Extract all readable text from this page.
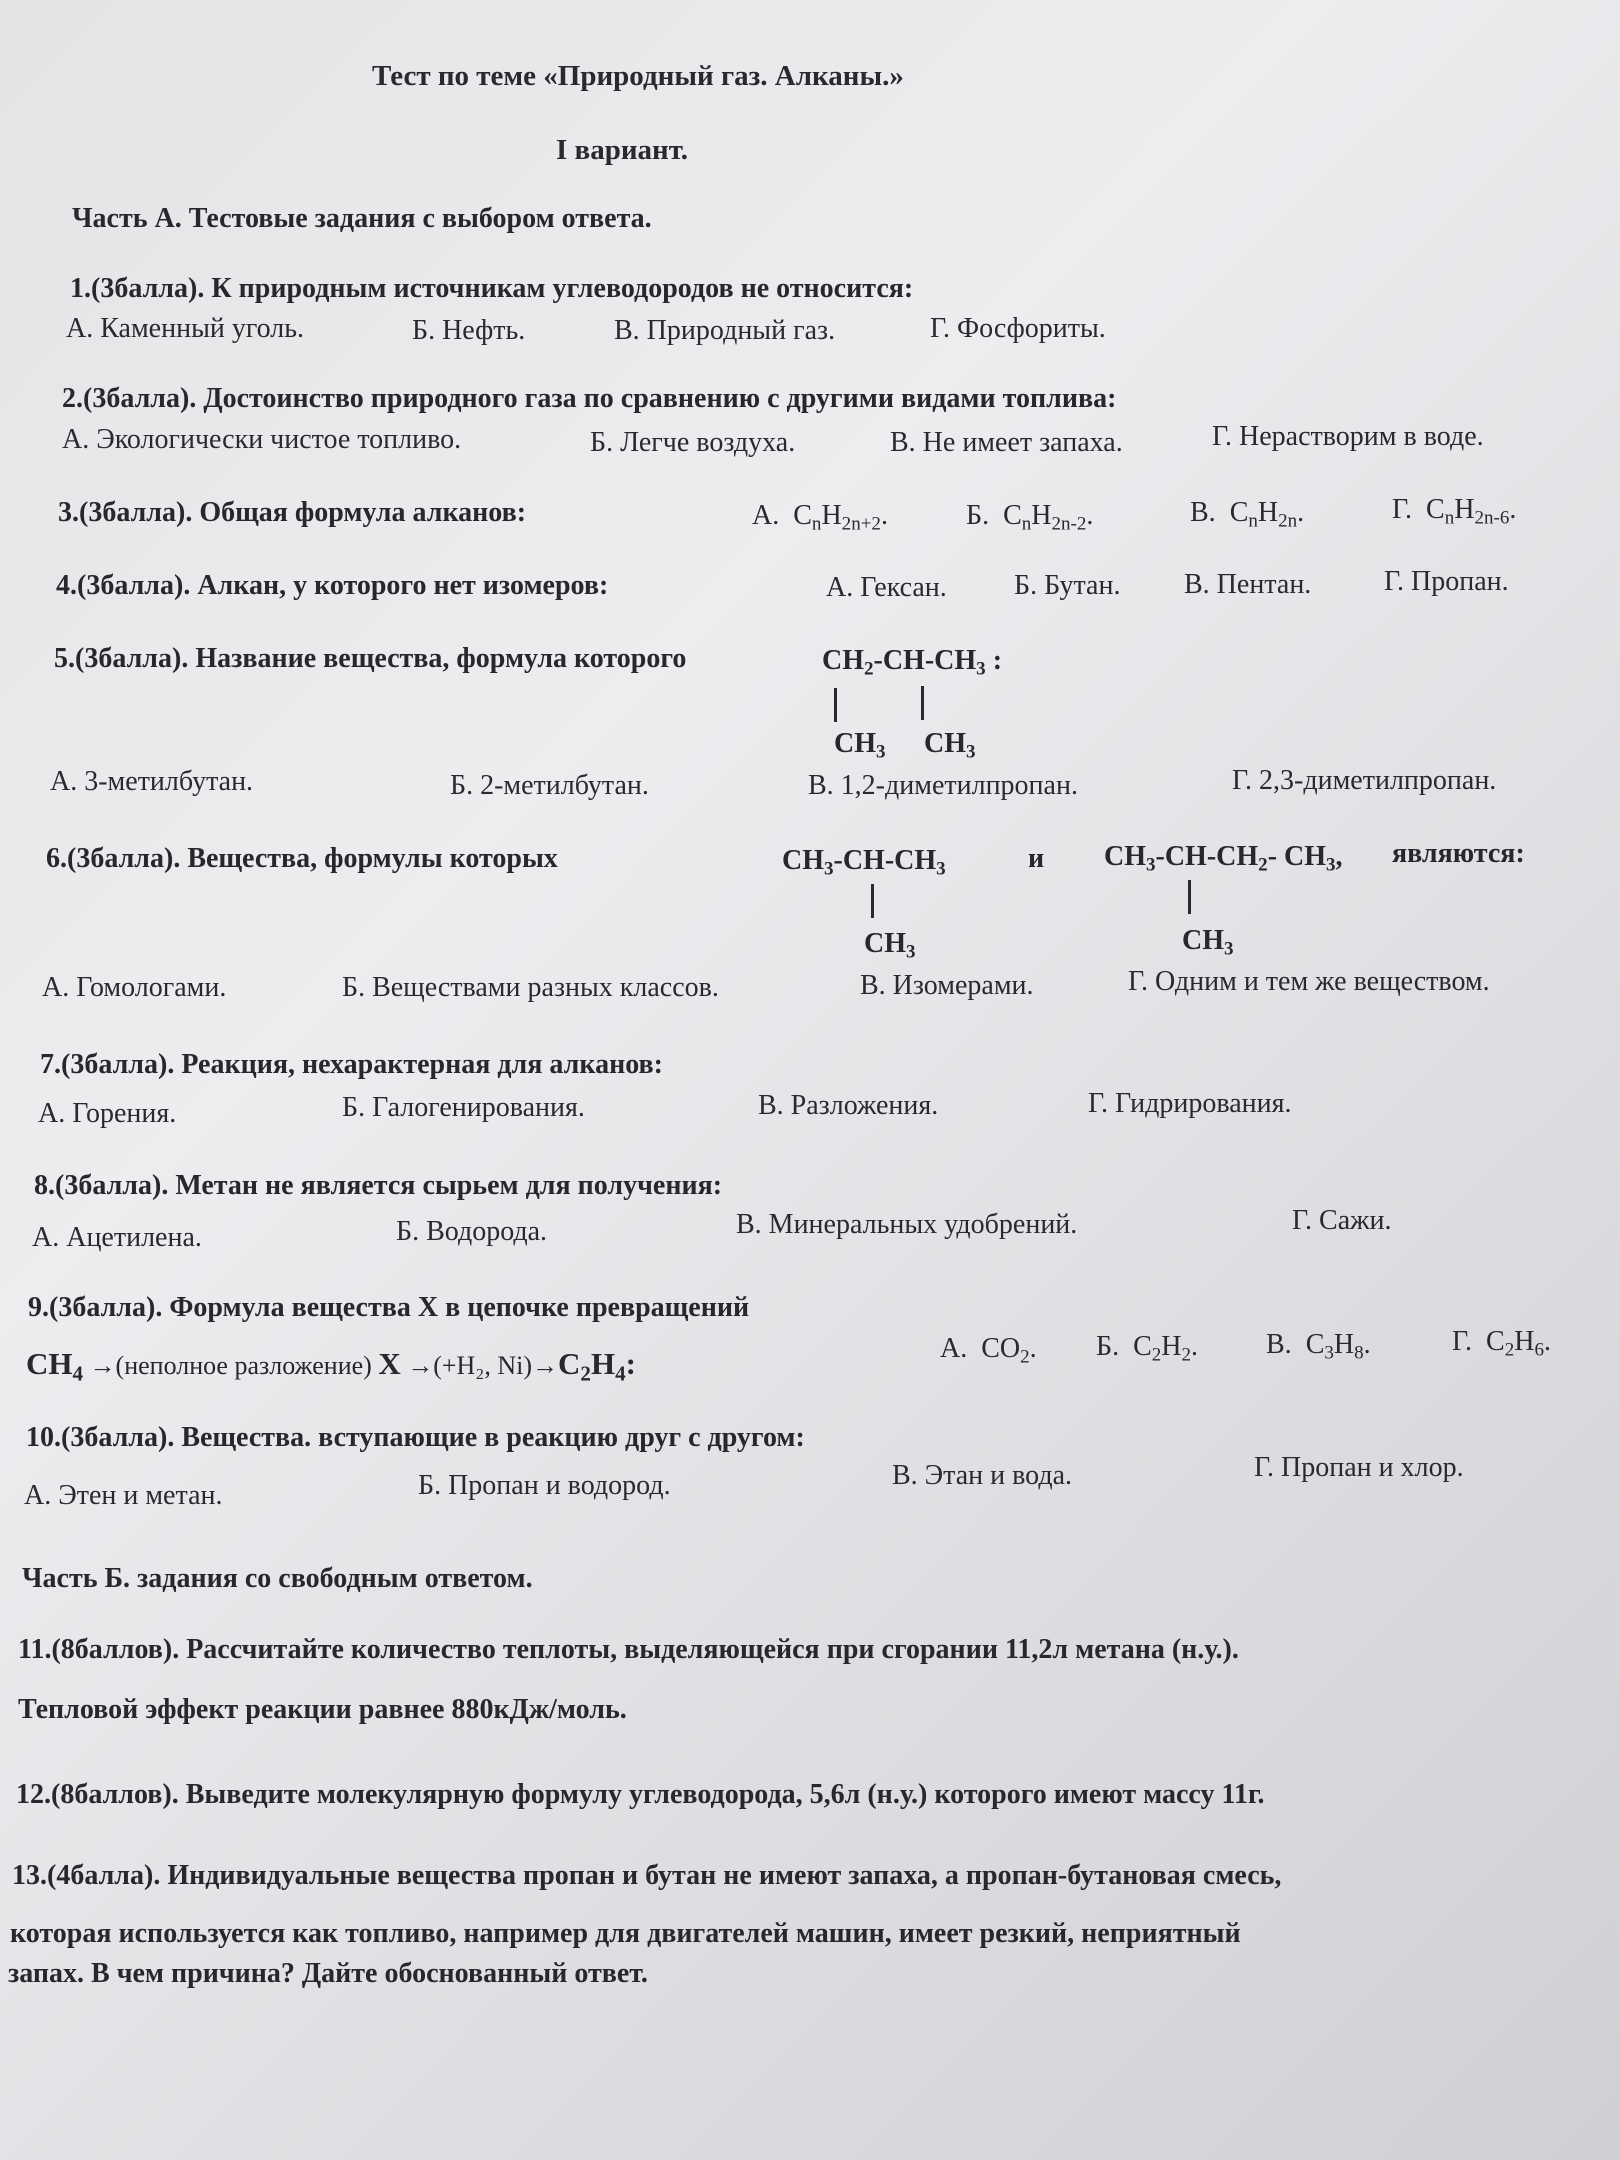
Тест по теме «Природный газ. Алканы.»
I вариант.
Часть А. Тестовые задания с выбором ответа.
1.(3балла). К природным источникам углеводородов не относится:
А. Каменный уголь.	Б. Нефть.	В. Природный газ.	Г. Фосфориты.
2.(3балла). Достоинство природного газа по сравнению с другими видами топлива:
А. Экологически чистое топливо.	Б. Легче воздуха.	В. Не имеет запаха.	Г. Нерастворим в воде.
3.(3балла). Общая формула алканов:	А. $C_nH_{2n+2}$.	Б. $C_nH_{2n-2}$.	В. $C_nH_{2n}$.	Г. $C_nH_{2n-6}$.
4.(3балла). Алкан, у которого нет изомеров:	А. Гексан. Б. Бутан. В. Пентан.	Г. Пропан.
5.(3балла). Название вещества, формула которого	$CH_2-CH-CH_3$ :
$CH_3$ $CH_3$
А. 3-метилбутан.	Б. 2-метилбутан.	В. 1,2-диметилпропан.	Г. 2,3-диметилпропан.
6.(3балла). Вещества, формулы которых	$CH_3-CH-CH_3$	и $CH_3-CH-CH_2-$ $CH_3$, являются:
$CH_3$	$CH_3$
А. Гомологами.	Б. Веществами разных классов.	В. Изомерами.	Г. Одним и тем же веществом.
7.(3балла). Реакция, нехарактерная для алканов:
А. Горения.	Б. Галогенирования.	В. Разложения.	Г. Гидрирования.
8.(3балла). Метан не является сырьем для получения:
А. Ацетилена.	Б. Водорода.	В. Минеральных удобрений.	Г. Сажи.
9.(3балла). Формула вещества X в цепочке превращений
$CH_4$ →(неполное разложение) X →(+H₂, $Ni)\to C_2H_4$:	А. $CO_2$. Б. $C_2H_2$. В. $C_3H_8$.	Г. $C_2H_6$.
10.(3балла). Вещества. вступающие в реакцию друг с другом:
А. Этен и метан.	Б. Пропан и водород.	В. Этан и вода.	Г. Пропан и хлор.
Часть Б. задания со свободным ответом.
11.(8баллов). Рассчитайте количество теплоты, выделяющейся при сгорании 11,2л метана (н.у.).
Тепловой эффект реакции равнее 880кДж/моль.
12.(8баллов). Выведите молекулярную формулу углеводорода, 5,6л (н.у.) которого имеют массу 11г.
13.(4балла). Индивидуальные вещества пропан и бутан не имеют запаха, а пропан-бутановая смесь,
которая используется как топливо, например для двигателей машин, имеет резкий, неприятный
запах. В чем причина? Дайте обоснованный ответ.
